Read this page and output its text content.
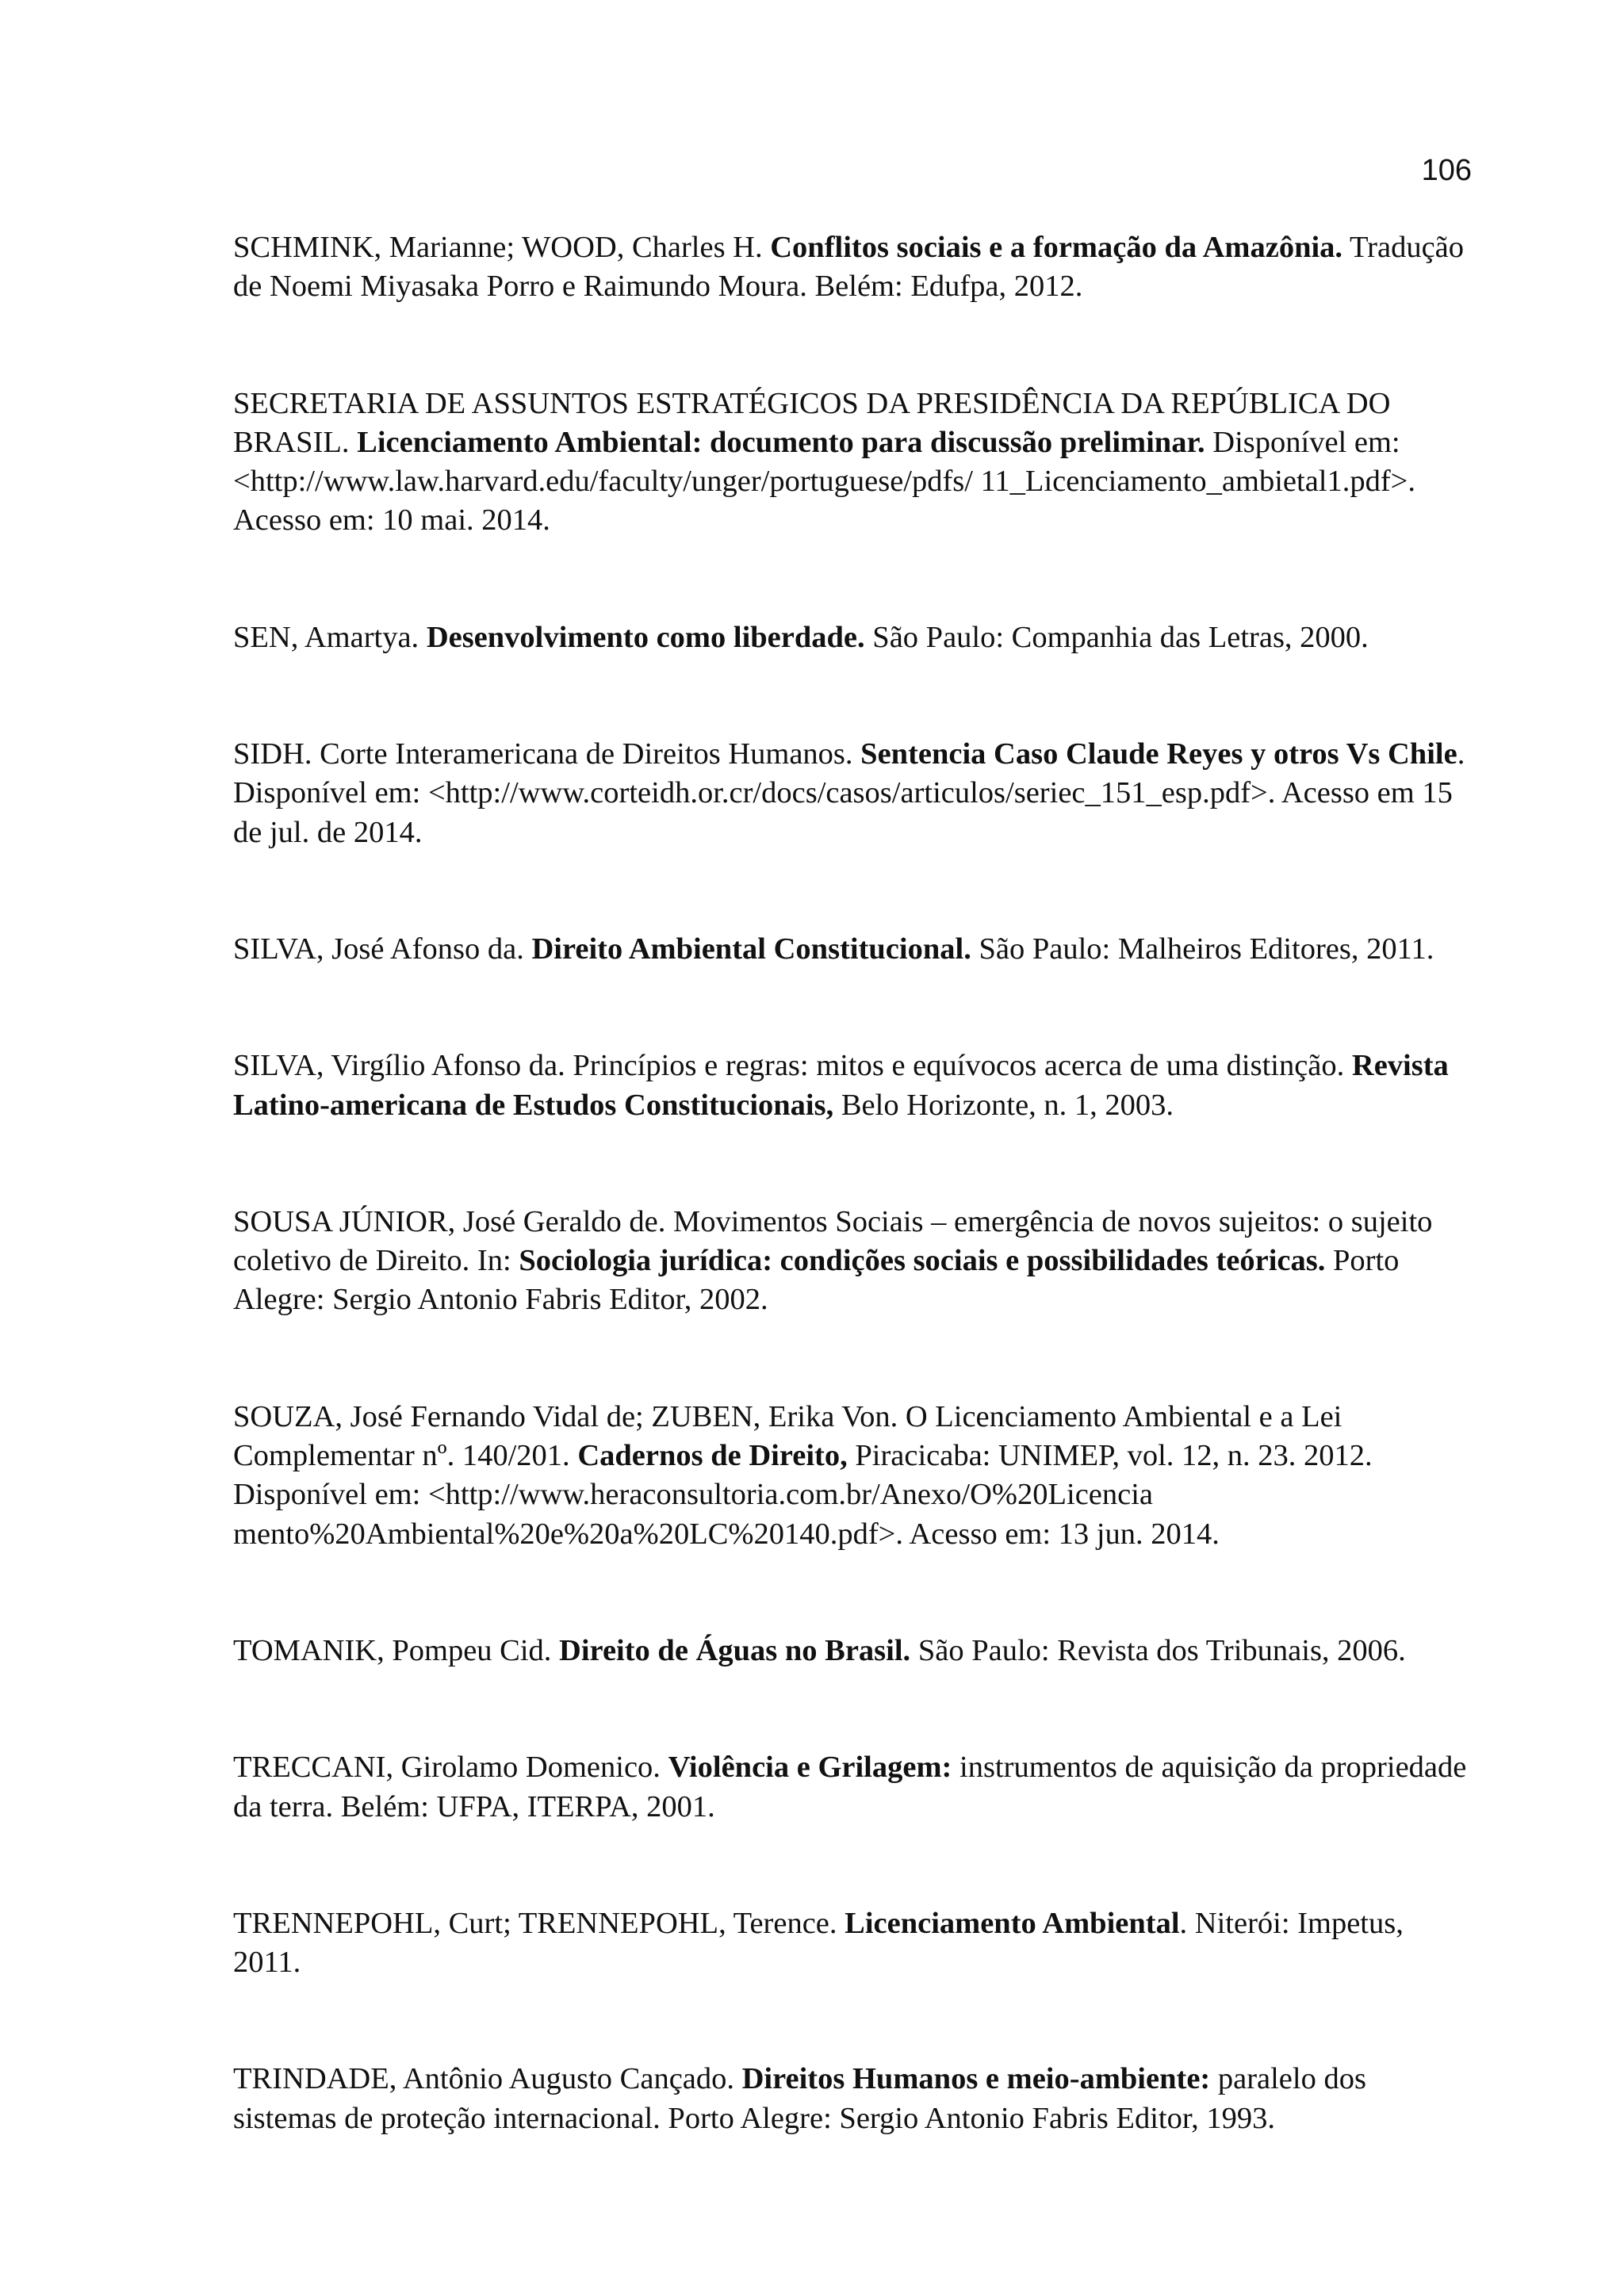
106

SCHMINK, Marianne; WOOD, Charles H. Conflitos sociais e a formação da Amazônia. Tradução de Noemi Miyasaka Porro e Raimundo Moura. Belém: Edufpa, 2012.

SECRETARIA DE ASSUNTOS ESTRATÉGICOS DA PRESIDÊNCIA DA REPÚBLICA DO BRASIL. Licenciamento Ambiental: documento para discussão preliminar. Disponível em: <http://www.law.harvard.edu/faculty/unger/portuguese/pdfs/ 11_Licenciamento_ambietal1.pdf>. Acesso em: 10 mai. 2014.

SEN, Amartya. Desenvolvimento como liberdade. São Paulo: Companhia das Letras, 2000.

SIDH. Corte Interamericana de Direitos Humanos. Sentencia Caso Claude Reyes y otros Vs Chile. Disponível em: <http://www.corteidh.or.cr/docs/casos/articulos/seriec_151_esp.pdf>. Acesso em 15 de jul. de 2014.

SILVA, José Afonso da. Direito Ambiental Constitucional. São Paulo: Malheiros Editores, 2011.

SILVA, Virgílio Afonso da. Princípios e regras: mitos e equívocos acerca de uma distinção. Revista Latino-americana de Estudos Constitucionais, Belo Horizonte, n. 1, 2003.

SOUSA JÚNIOR, José Geraldo de. Movimentos Sociais – emergência de novos sujeitos: o sujeito coletivo de Direito. In: Sociologia jurídica: condições sociais e possibilidades teóricas. Porto Alegre: Sergio Antonio Fabris Editor, 2002.

SOUZA, José Fernando Vidal de; ZUBEN, Erika Von. O Licenciamento Ambiental e a Lei Complementar nº. 140/201. Cadernos de Direito, Piracicaba: UNIMEP, vol. 12, n. 23. 2012. Disponível em: <http://www.heraconsultoria.com.br/Anexo/O%20Licencia mento%20Ambiental%20e%20a%20LC%20140.pdf>. Acesso em: 13 jun. 2014.

TOMANIK, Pompeu Cid. Direito de Águas no Brasil. São Paulo: Revista dos Tribunais, 2006.

TRECCANI, Girolamo Domenico. Violência e Grilagem: instrumentos de aquisição da propriedade da terra. Belém: UFPA, ITERPA, 2001.

TRENNEPOHL, Curt; TRENNEPOHL, Terence. Licenciamento Ambiental. Niterói: Impetus, 2011.

TRINDADE, Antônio Augusto Cançado. Direitos Humanos e meio-ambiente: paralelo dos sistemas de proteção internacional. Porto Alegre: Sergio Antonio Fabris Editor, 1993.
